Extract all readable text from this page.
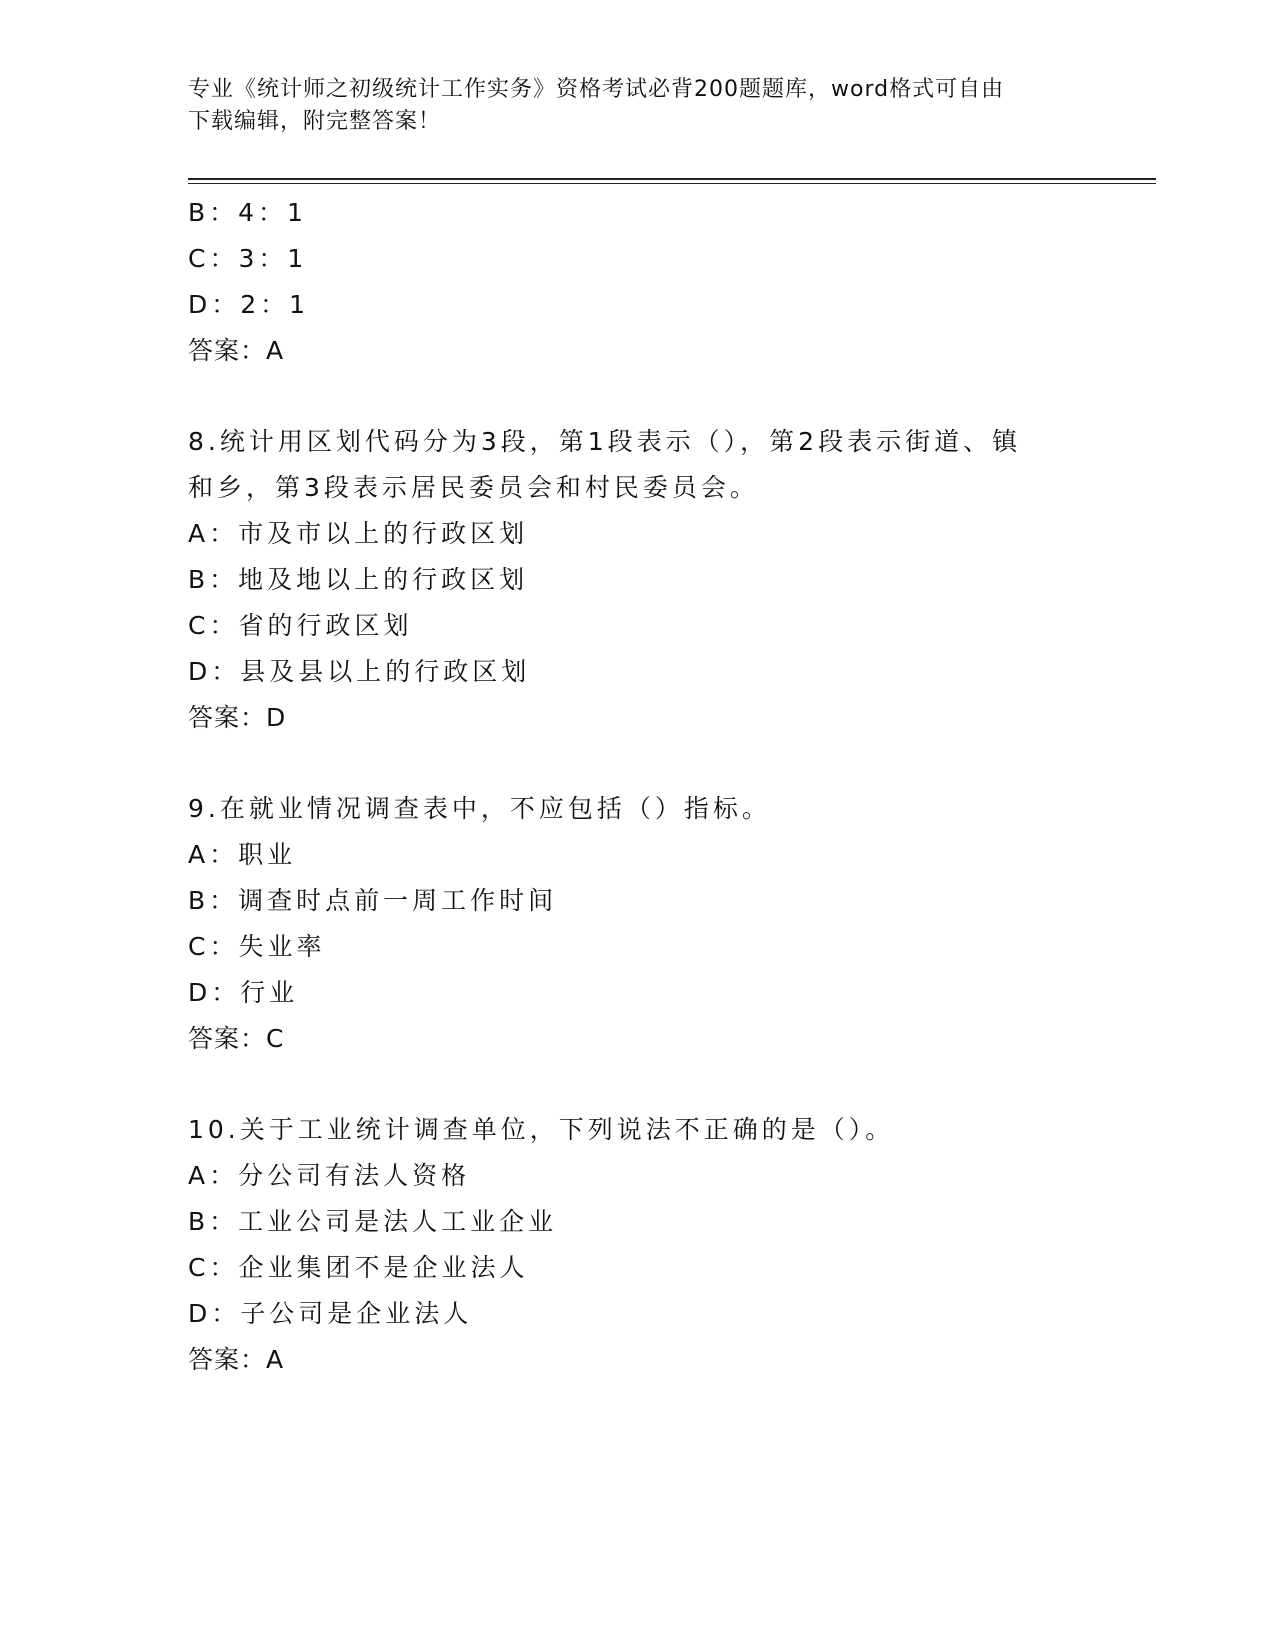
专业《统计师之初级统计工作实务》资格考试必背200题题库，word格式可自由
下载编辑，附完整答案！
B：4：1
C：3：1
D：2：1
答案：A
8.统计用区划代码分为3段，第1段表示（），第2段表示街道、镇
和乡，第3段表示居民委员会和村民委员会。
A：市及市以上的行政区划
B：地及地以上的行政区划
C：省的行政区划
D：县及县以上的行政区划
答案：D
9.在就业情况调查表中，不应包括（）指标。
A：职业
B：调查时点前一周工作时间
C：失业率
D：行业
答案：C
10.关于工业统计调查单位，下列说法不正确的是（）。
A：分公司有法人资格
B：工业公司是法人工业企业
C：企业集团不是企业法人
D：子公司是企业法人
答案：A
